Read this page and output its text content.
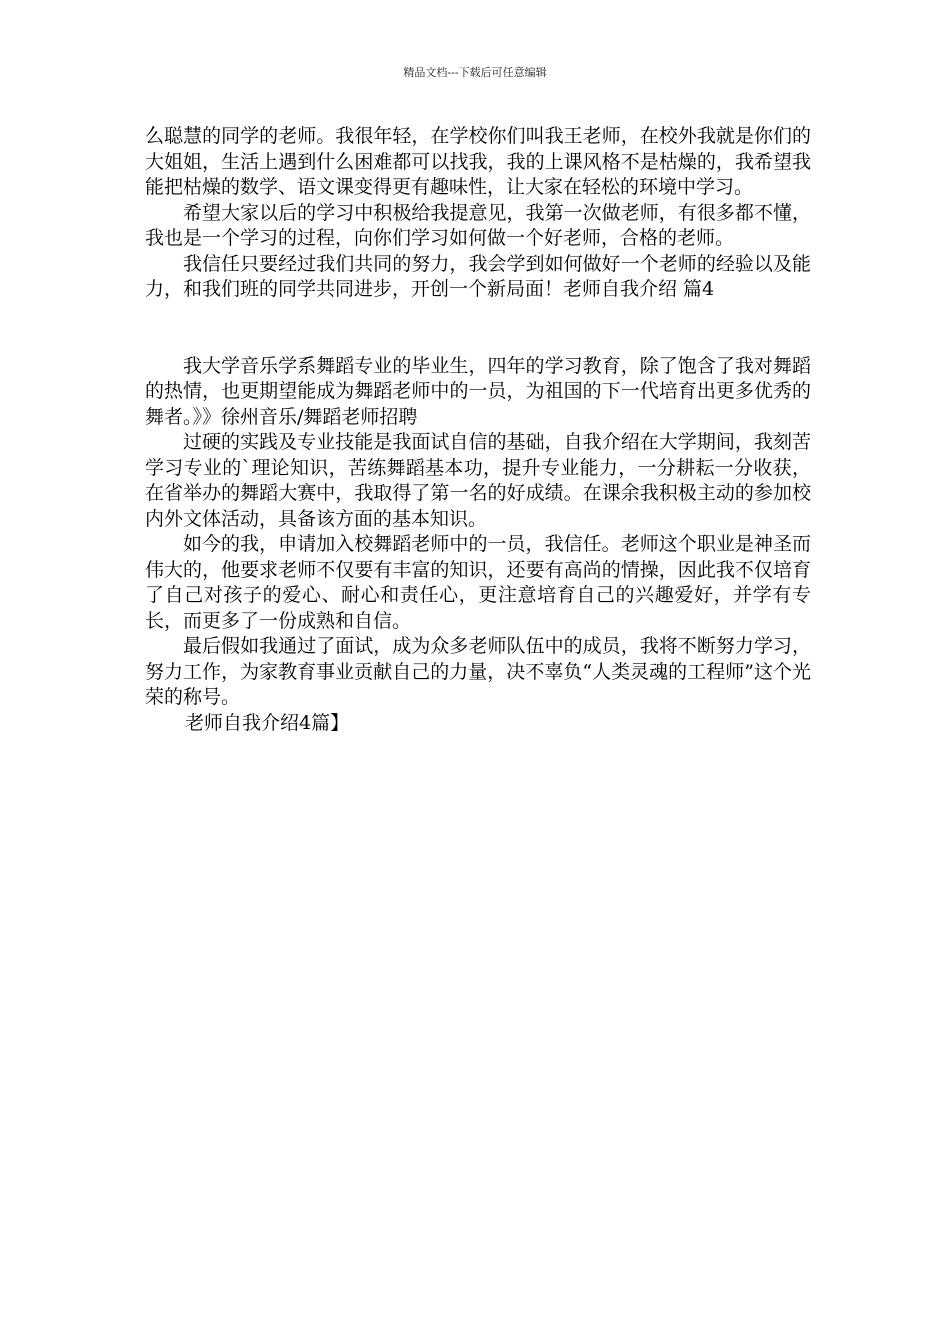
精品文档---下载后可任意编辑

么聪慧的同学的老师。我很年轻，在学校你们叫我王老师，在校外我就是你们的大姐姐，生活上遇到什么困难都可以找我，我的上课风格不是枯燥的，我希望我能把枯燥的数学、语文课变得更有趣味性，让大家在轻松的环境中学习。

希望大家以后的学习中积极给我提意见，我第一次做老师，有很多都不懂，我也是一个学习的过程，向你们学习如何做一个好老师，合格的老师。

我信任只要经过我们共同的努力，我会学到如何做好一个老师的经验以及能力，和我们班的同学共同进步，开创一个新局面！老师自我介绍 篇4

我大学音乐学系舞蹈专业的毕业生，四年的学习教育，除了饱含了我对舞蹈的热情，也更期望能成为舞蹈老师中的一员，为祖国的下一代培育出更多优秀的舞者。》》徐州音乐/舞蹈老师招聘

过硬的实践及专业技能是我面试自信的基础，自我介绍在大学期间，我刻苦学习专业的`理论知识，苦练舞蹈基本功，提升专业能力，一分耕耘一分收获，在省举办的舞蹈大赛中，我取得了第一名的好成绩。在课余我积极主动的参加校内外文体活动，具备该方面的基本知识。

如今的我，申请加入校舞蹈老师中的一员，我信任。老师这个职业是神圣而伟大的，他要求老师不仅要有丰富的知识，还要有高尚的情操，因此我不仅培育了自己对孩子的爱心、耐心和责任心，更注意培育自己的兴趣爱好，并学有专长，而更多了一份成熟和自信。

最后假如我通过了面试，成为众多老师队伍中的成员，我将不断努力学习，努力工作，为家教育事业贡献自己的力量，决不辜负“人类灵魂的工程师”这个光荣的称号。

老师自我介绍4篇】
